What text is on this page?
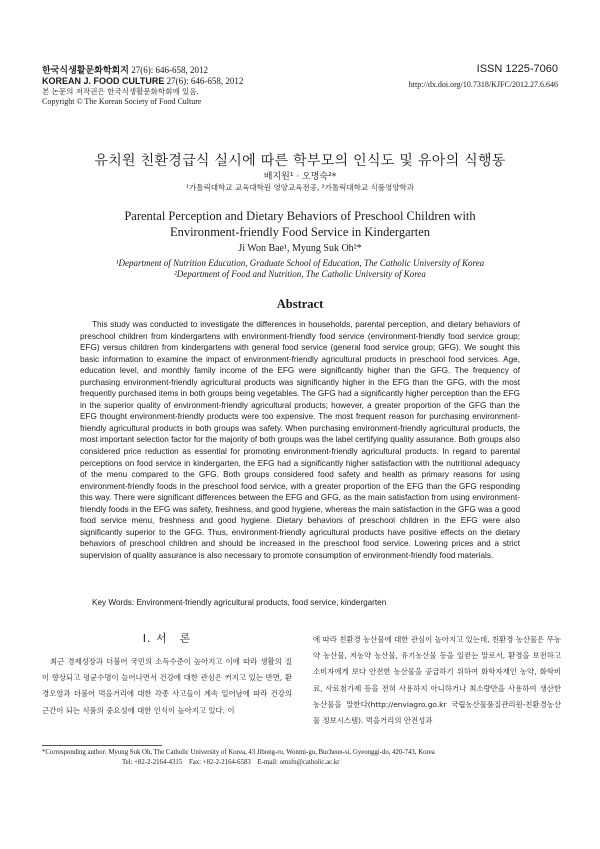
한국식생활문화학회지 27(6): 646-658, 2012
KOREAN J. FOOD CULTURE 27(6): 646-658, 2012
본 논문의 저작권은 한국식생활문화학회에 있음.
Copyright © The Korean Society of Food Culture
ISSN 1225-7060
http://dx.doi.org/10.7318/KJFC/2012.27.6.646
유치원 친환경급식 실시에 따른 학부모의 인식도 및 유아의 식행동
배지원¹ · 오명숙²*
¹가톨릭대학교 교육대학원 영양교육전공, ²가톨릭대학교 식품영양학과
Parental Perception and Dietary Behaviors of Preschool Children with
Environment-friendly Food Service in Kindergarten
Ji Won Bae¹, Myung Suk Oh²*
¹Department of Nutrition Education, Graduate School of Education, The Catholic University of Korea
²Department of Food and Nutrition, The Catholic University of Korea
Abstract
This study was conducted to investigate the differences in households, parental perception, and dietary behaviors of preschool children from kindergartens with environment-friendly food service (environment-friendly food service group; EFG) versus children from kindergartens with general food service (general food service group; GFG). We sought this basic information to examine the impact of environment-friendly agricultural products in preschool food services. Age, education level, and monthly family income of the EFG were significantly higher than the GFG. The frequency of purchasing environment-friendly agricultural products was significantly higher in the EFG than the GFG, with the most frequently purchased items in both groups being vegetables. The GFG had a significantly higher perception than the EFG in the superior quality of environment-friendly agricultural products; however, a greater proportion of the GFG than the EFG thought environment-friendly products were too expensive. The most frequent reason for purchasing environment-friendly agricultural products in both groups was safety. When purchasing environment-friendly agricultural products, the most important selection factor for the majority of both groups was the label certifying quality assurance. Both groups also considered price reduction as essential for promoting environment-friendly agricultural products. In regard to parental perceptions on food service in kindergarten, the EFG had a significantly higher satisfaction with the nutritional adequacy of the menu compared to the GFG. Both groups considered food safety and health as primary reasons for using environment-friendly foods in the preschool food service, with a greater proportion of the EFG than the GFG responding this way. There were significant differences between the EFG and GFG, as the main satisfaction from using environment-friendly foods in the EFG was safety, freshness, and good hygiene, whereas the main satisfaction in the GFG was a good food service menu, freshness and good hygiene. Dietary behaviors of preschool children in the EFG were also significantly superior to the GFG. Thus, environment-friendly agricultural products have positive effects on the dietary behaviors of preschool children and should be increased in the preschool food service. Lowering prices and a strict supervision of quality assurance is also necessary to promote consumption of environment-friendly food materials.
Key Words: Environment-friendly agricultural products, food service, kindergarten
I. 서　론
최근 경제성장과 더불어 국민의 소득수준이 높아지고 이에 따라 생활의 질이 향상되고 평균수명이 늘어나면서 건강에 대한 관심은 커지고 있는 반면, 환경오염과 더불어 먹을거리에 대한 각종 사고들이 계속 일어남에 따라 건강의 근간이 되는 식품의 중요성에 대한 인식이 높아지고 있다. 이
에 따라 친환경 농산물에 대한 관심이 높아지고 있는데, 친환경 농산물은 무농약 농산물, 저농약 농산물, 유기농산물 등을 일컫는 말로서, 환경을 보전하고 소비자에게 보다 안전한 농산물을 공급하기 위하여 화학자재인 농약, 화학비료, 사료첨가제 등을 전혀 사용하지 아니하거나 최소량만을 사용하여 생산한 농산물을 말한다(http://enviagro.go.kr 국립농산물품질관리원-친환경농산물 정보시스템). 먹을거리의 안전성과
*Corresponding author: Myung Suk Oh, The Catholic University of Korea, 43 Jibong-ro, Wonmi-gu, Bucheon-si, Gyeonggi-do, 420-743, Korea
Tel: +82-2-2164-4315　Fax: +82-2-2164-6583　E-mail: omsfn@catholic.ac.kr
